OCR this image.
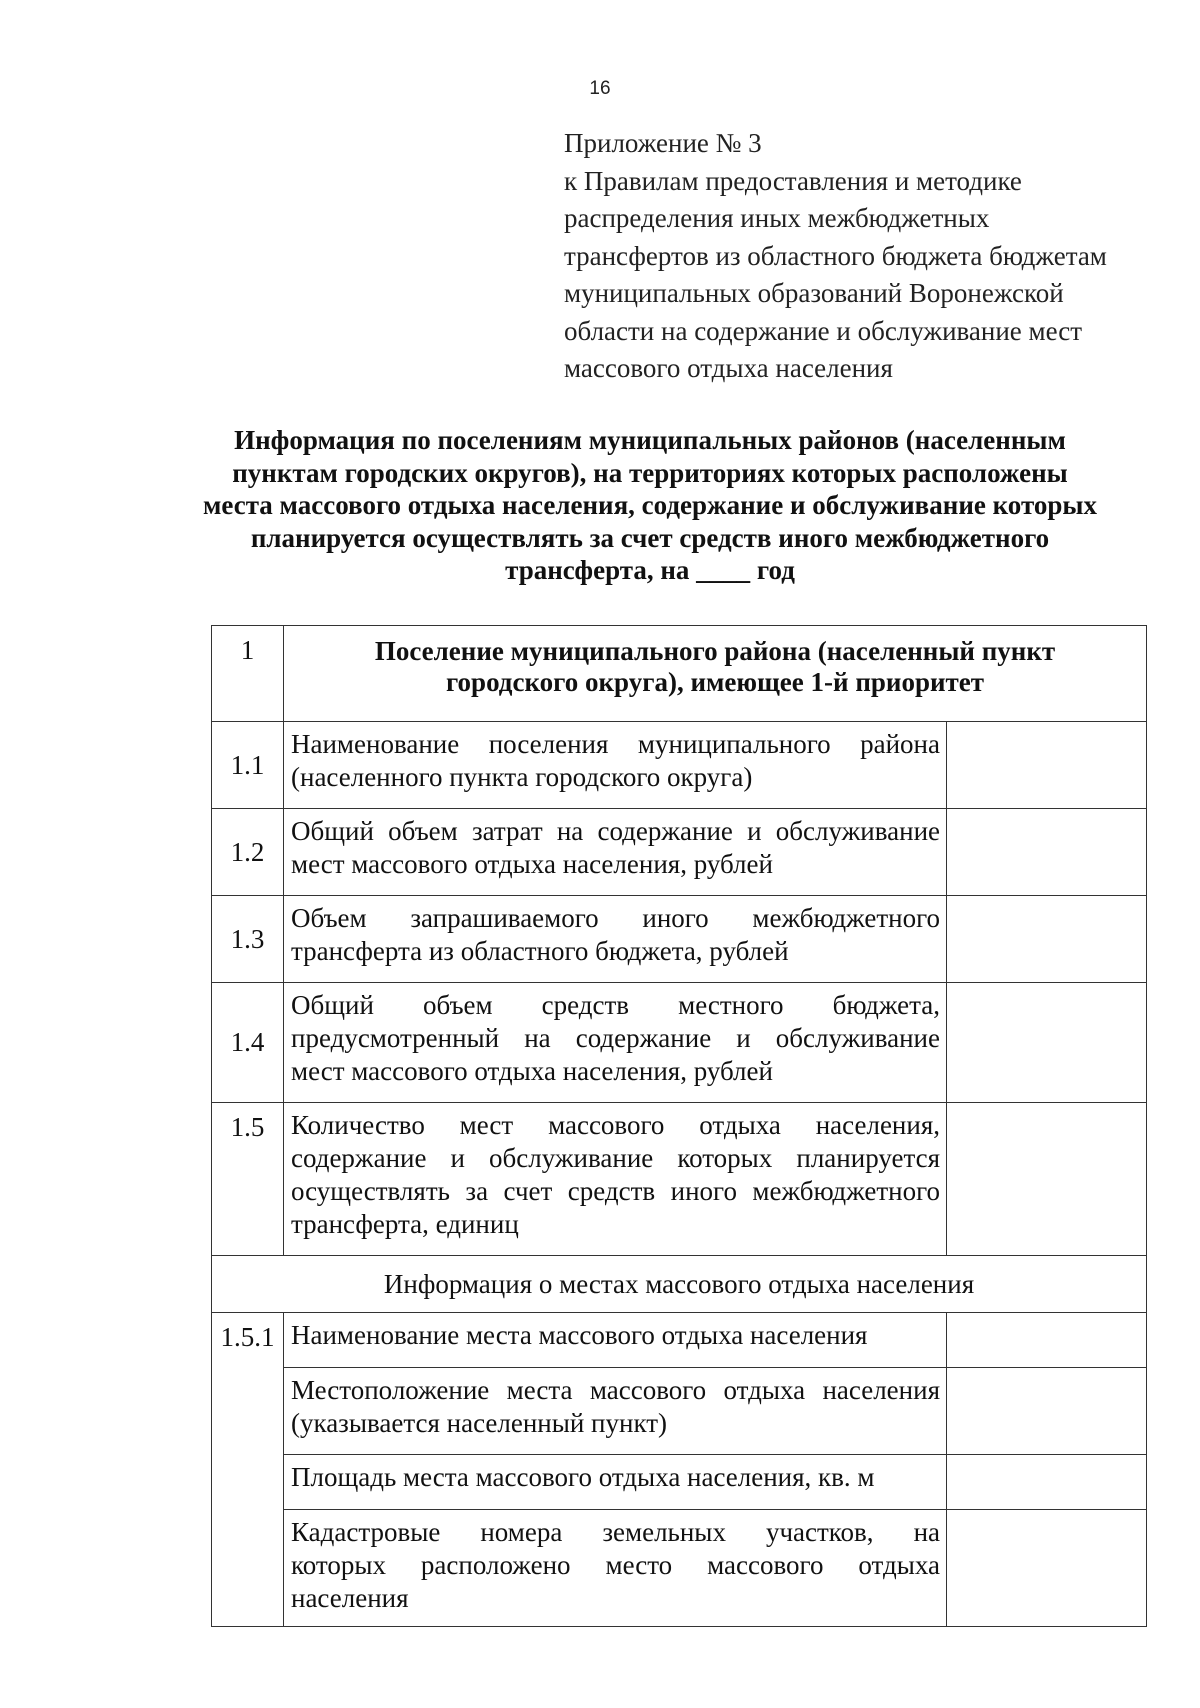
16
Приложение № 3
к Правилам предоставления и методике
распределения иных межбюджетных
трансфертов из областного бюджета бюджетам
муниципальных образований Воронежской
области на содержание и обслуживание мест
массового отдыха населения
Информация по поселениям муниципальных районов (населенным
пунктам городских округов), на территориях которых расположены
места массового отдыха населения, содержание и обслуживание которых
планируется осуществлять за счет средств иного межбюджетного
трансферта, на ____ год
1	Поселение муниципального района (населенный пункт
городского округа), имеющее 1-й приоритет	

1.1	Наименование поселения муниципального района
(населенного пункта городского округа)	

1.2	Общий объем затрат на содержание и обслуживание
мест массового отдыха населения, рублей	

1.3	Объем запрашиваемого иного межбюджетного
трансферта из областного бюджета, рублей	

1.4	Общий объем средств местного бюджета,
предусмотренный на содержание и обслуживание
мест массового отдыха населения, рублей	

1.5	Количество мест массового отдыха населения,
содержание и обслуживание которых планируется
осуществлять за счет средств иного межбюджетного
трансферта, единиц	

Информация о местах массового отдыха населения		
1.5.1	Наименование места массового отдыха населения	

	Местоположение места массового отдыха населения
(указывается населенный пункт)	

	Площадь места массового отдыха населения, кв. м	

	Кадастровые номера земельных участков, на
которых расположено место массового отдыха
населения	
